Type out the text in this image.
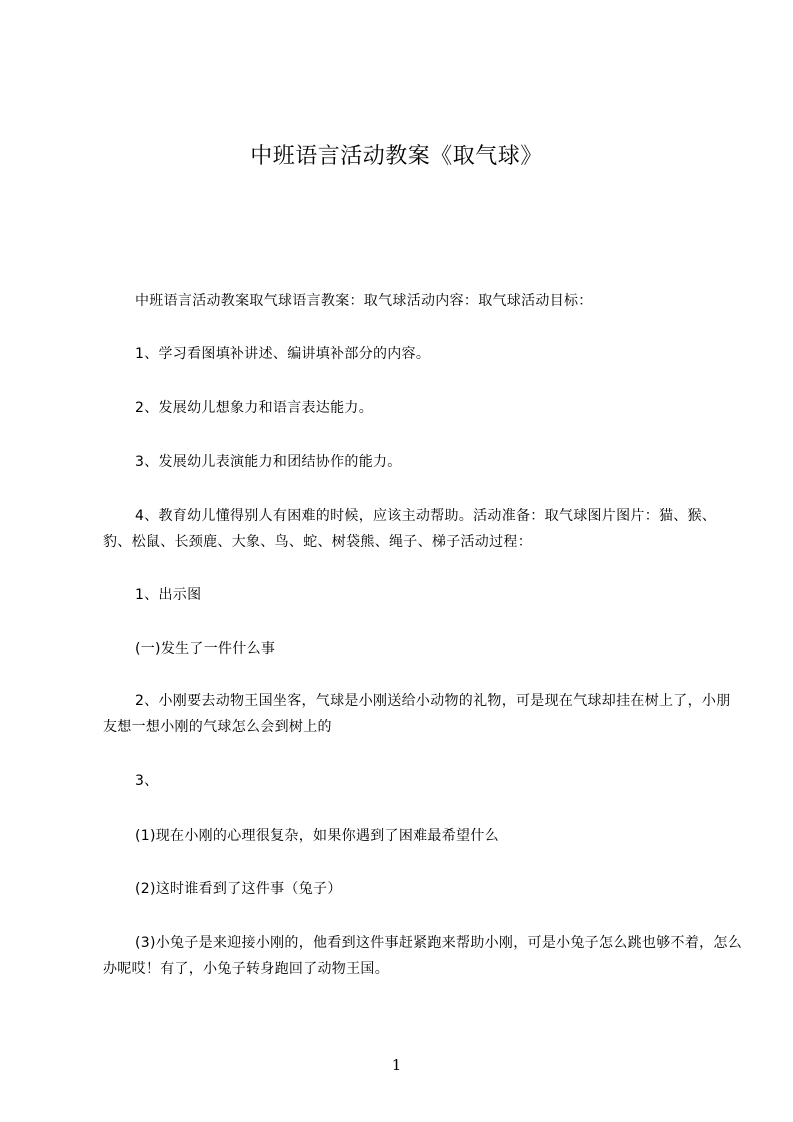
中班语言活动教案《取气球》
中班语言活动教案取气球语言教案：取气球活动内容：取气球活动目标：
1、学习看图填补讲述、编讲填补部分的内容。
2、发展幼儿想象力和语言表达能力。
3、发展幼儿表演能力和团结协作的能力。
4、教育幼儿懂得别人有困难的时候，应该主动帮助。活动准备：取气球图片图片：猫、猴、豹、松鼠、长颈鹿、大象、鸟、蛇、树袋熊、绳子、梯子活动过程：
1、出示图
(一)发生了一件什么事
2、小刚要去动物王国坐客，气球是小刚送给小动物的礼物，可是现在气球却挂在树上了，小朋友想一想小刚的气球怎么会到树上的
3、
(1)现在小刚的心理很复杂，如果你遇到了困难最希望什么
(2)这时谁看到了这件事（兔子）
(3)小兔子是来迎接小刚的，他看到这件事赶紧跑来帮助小刚，可是小兔子怎么跳也够不着，怎么办呢哎！有了，小兔子转身跑回了动物王国。
1
